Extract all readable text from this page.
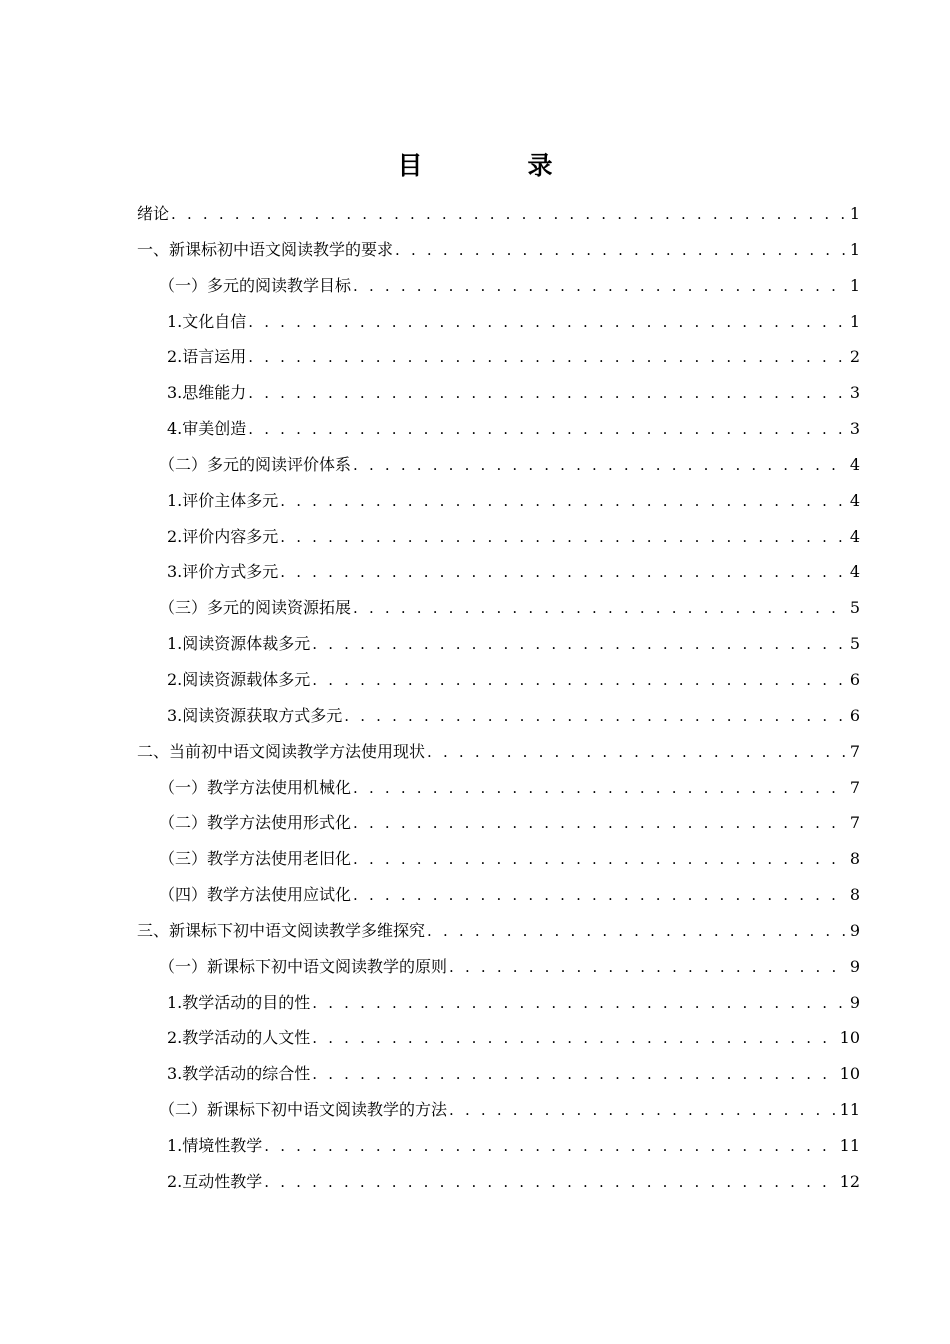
目　录
绪论 . . .	1
一、新课标初中语文阅读教学的要求 . . .	1
（一）多元的阅读教学目标 . . .	1
1.文化自信 . . .	1
2.语言运用 . . .	2
3.思维能力 . . .	3
4.审美创造 . . .	3
（二）多元的阅读评价体系 . . .	4
1.评价主体多元 . . .	4
2.评价内容多元 . . .	4
3.评价方式多元 . . .	4
（三）多元的阅读资源拓展 . . .	5
1.阅读资源体裁多元 . . .	5
2.阅读资源载体多元 . . .	6
3.阅读资源获取方式多元 . . .	6
二、当前初中语文阅读教学方法使用现状 . . .	7
（一）教学方法使用机械化 . . .	7
（二）教学方法使用形式化 . . .	7
（三）教学方法使用老旧化 . . .	8
（四）教学方法使用应试化 . . .	8
三、新课标下初中语文阅读教学多维探究 . . .	9
（一）新课标下初中语文阅读教学的原则 . . .	9
1.教学活动的目的性 . . .	9
2.教学活动的人文性 . . .	10
3.教学活动的综合性 . . .	10
（二）新课标下初中语文阅读教学的方法 . . .	11
1.情境性教学 . . .	11
2.互动性教学 . . .	12
